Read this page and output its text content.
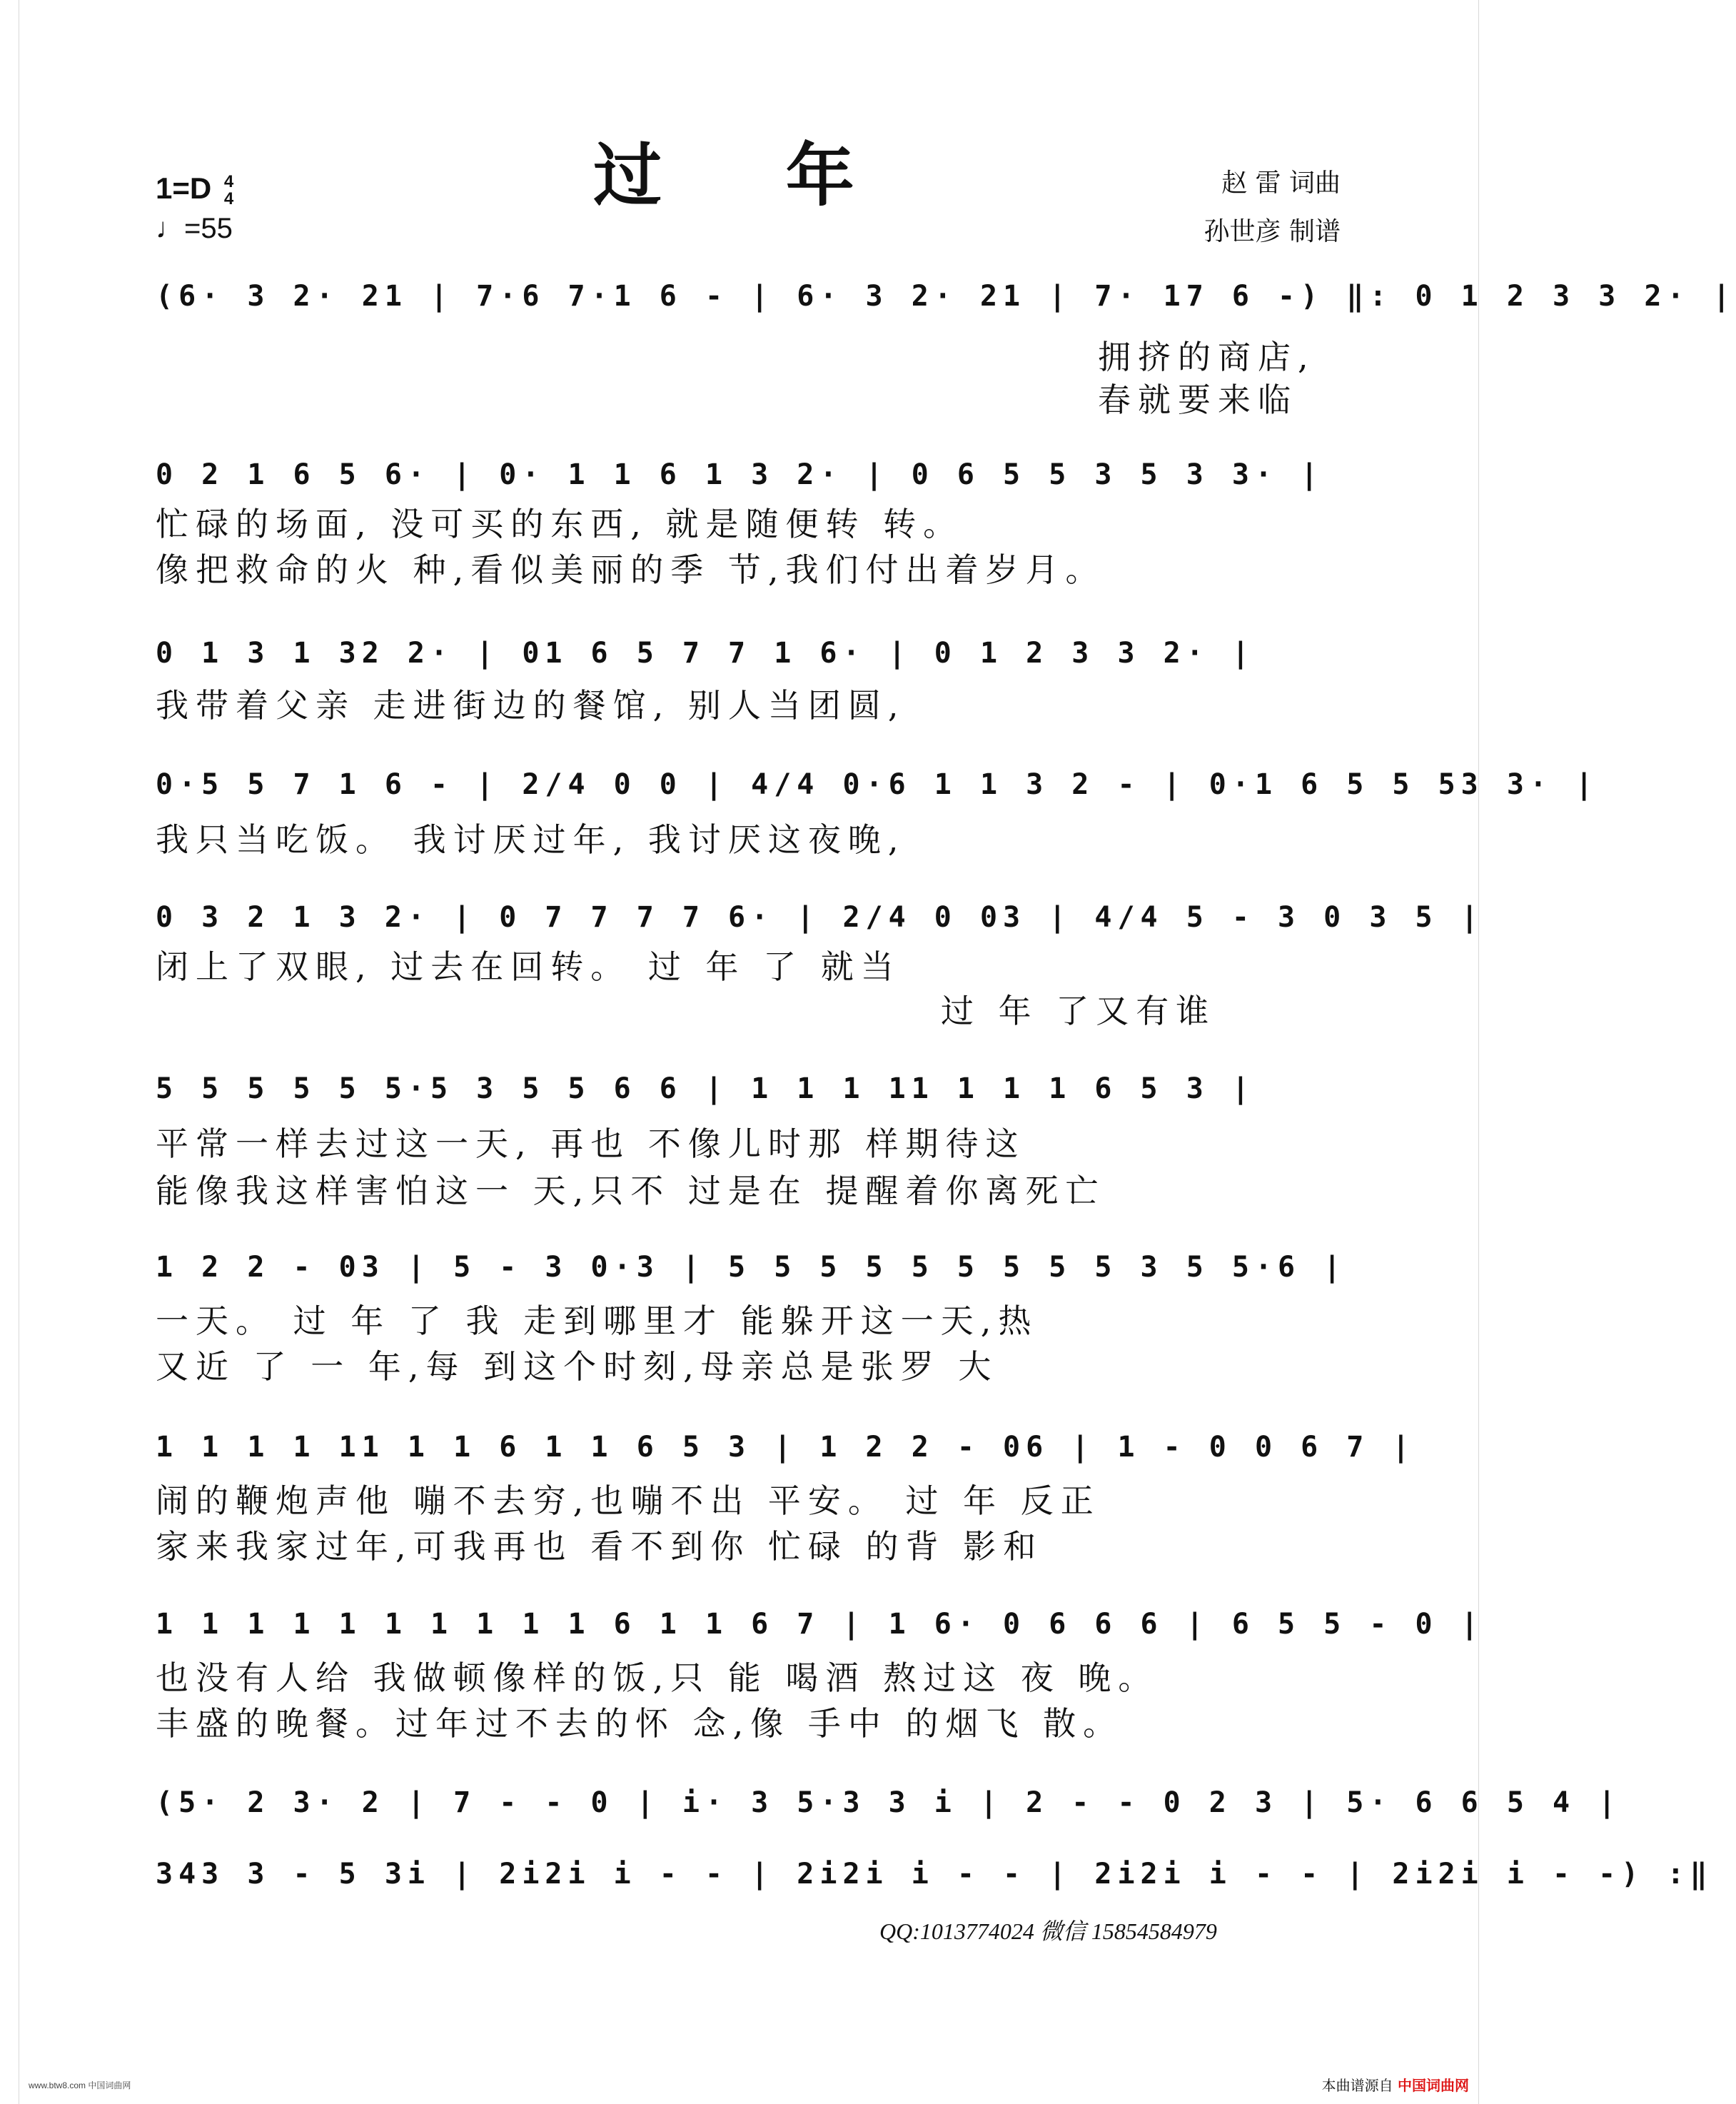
过 年
1=D 4
4
♩=55
赵 雷 词曲
孙世彦 制谱
(6· 3 2· 21 | 7·6 7·1 6 - | 6· 3 2· 21 | 7· 17 6 -) ‖: 0 1 2 3 3 2· |
拥挤的商店,
春就要来临
0 2 1 6 5 6· | 0· 1 1 6 1 3 2· | 0 6 5 5 3 5 3 3· |
忙碌的场面, 没可买的东西, 就是随便转 转。
像把救命的火 种,看似美丽的季 节,我们付出着岁月。
0 1 3 1 32 2· | 01 6 5 7 7 1 6· | 0 1 2 3 3 2· |
我带着父亲 走进街边的餐馆, 别人当团圆,
0·5 5 7 1 6 - | 2/4 0 0 | 4/4 0·6 1 1 3 2 - | 0·1 6 5 5 53 3· |
我只当吃饭。 我讨厌过年, 我讨厌这夜晚,
0 3 2 1 3 2· | 0 7 7 7 7 6· | 2/4 0 03 | 4/4 5 - 3 0 3 5 |
闭上了双眼, 过去在回转。 过 年 了 就当
过 年 了又有谁
5 5 5 5 5 5·5 3 5 5 6 6 | 1 1 1 11 1 1 1 6 5 3 |
平常一样去过这一天, 再也 不像儿时那 样期待这
能像我这样害怕这一 天,只不 过是在 提醒着你离死亡
1 2 2 - 03 | 5 - 3 0·3 | 5 5 5 5 5 5 5 5 5 3 5 5·6 |
一天。 过 年 了 我 走到哪里才 能躲开这一天,热
又近 了 一 年,每 到这个时刻,母亲总是张罗 大
1 1 1 1 11 1 1 6 1 1 6 5 3 | 1 2 2 - 06 | 1 - 0 0 6 7 |
闹的鞭炮声他 嘣不去穷,也嘣不出 平安。 过 年 反正
家来我家过年,可我再也 看不到你 忙碌 的背 影和
1 1 1 1 1 1 1 1 1 1 6 1 1 6 7 | 1 6· 0 6 6 6 | 6 5 5 - 0 |
也没有人给 我做顿像样的饭,只 能 喝酒 熬过这 夜 晚。
丰盛的晚餐。过年过不去的怀 念,像 手中 的烟飞 散。
(5· 2 3· 2 | 7 - - 0 | i· 3 5·3 3 i | 2 - - 0 2 3 | 5· 6 6 5 4 |
343 3 - 5 3i | 2i2i i - - | 2i2i i - - | 2i2i i - - | 2i2i i - -) :‖
QQ:1013774024 微信 15854584979
www.btw8.com 中国词曲网	本曲谱源自 中国词曲网
